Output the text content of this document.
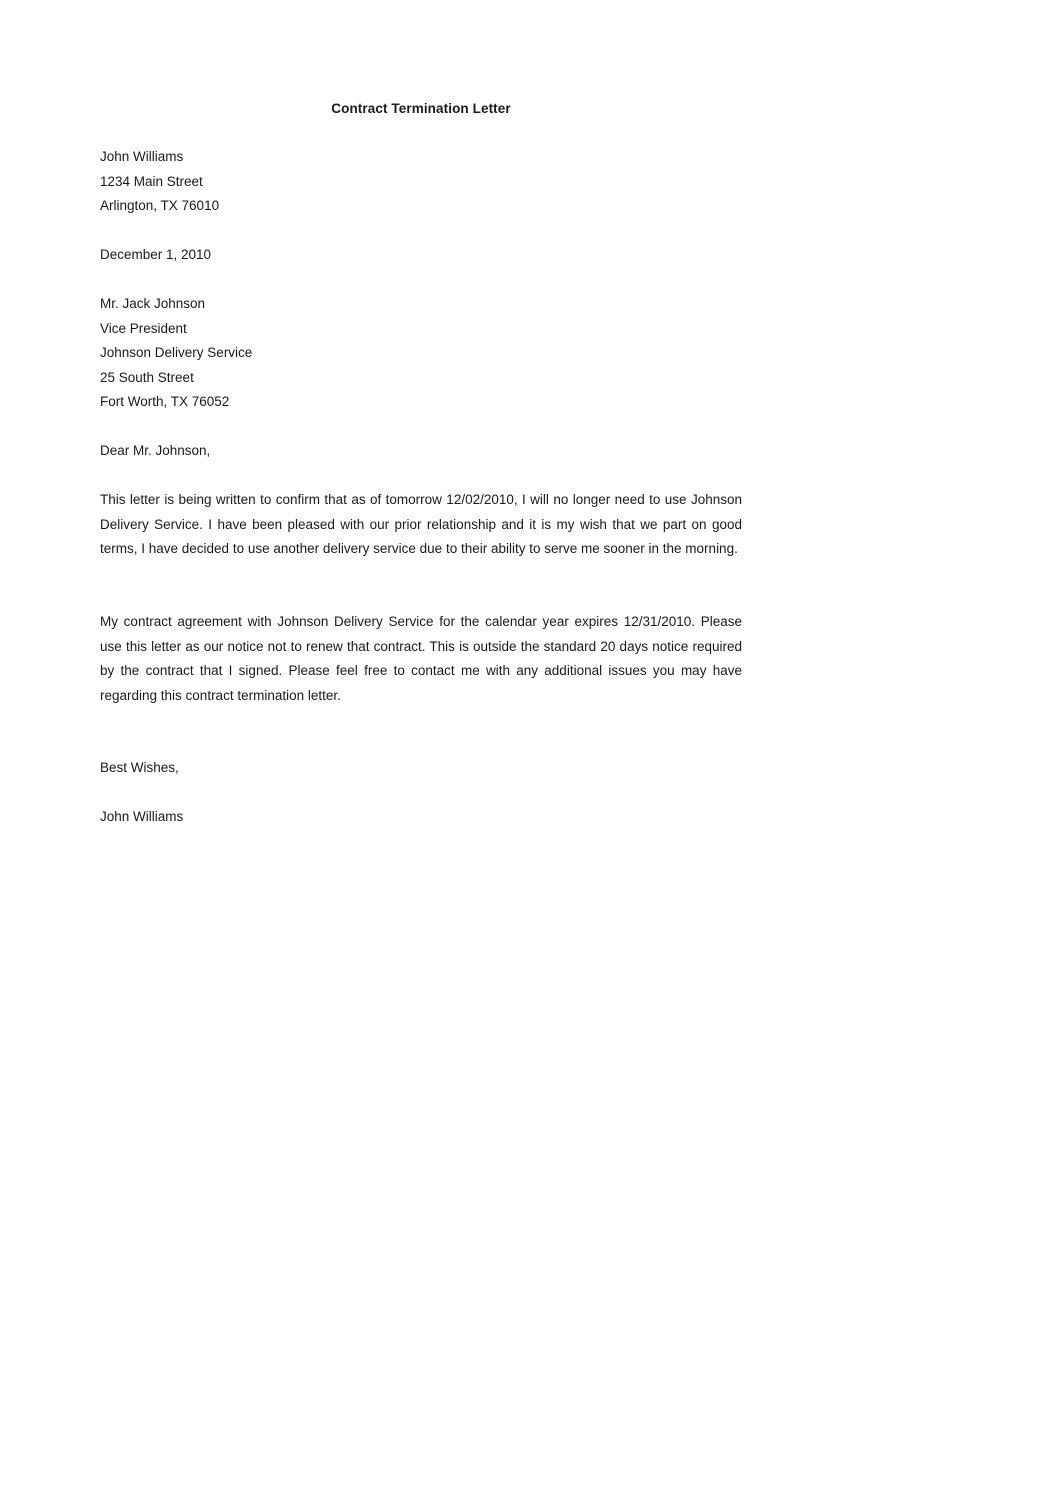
Contract Termination Letter
John Williams
1234 Main Street
Arlington, TX 76010
December 1, 2010
Mr. Jack Johnson
Vice President
Johnson Delivery Service
25 South Street
Fort Worth, TX 76052
Dear Mr. Johnson,

This letter is being written to confirm that as of tomorrow 12/02/2010, I will no longer need to use Johnson Delivery Service. I have been pleased with our prior relationship and it is my wish that we part on good terms, I have decided to use another delivery service due to their ability to serve me sooner in the morning.

My contract agreement with Johnson Delivery Service for the calendar year expires 12/31/2010. Please use this letter as our notice not to renew that contract. This is outside the standard 20 days notice required by the contract that I signed. Please feel free to contact me with any additional issues you may have regarding this contract termination letter.

Best Wishes,
John Williams
